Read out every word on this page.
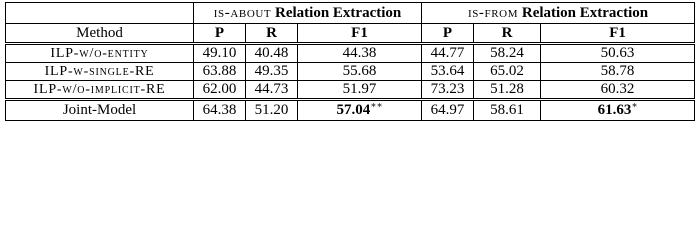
	is-about Relation Extraction			is-from Relation Extraction		
Method	P	R	F1	P	R	F1
ILP-w/o-entity	49.10	40.48	44.38	44.77	58.24	50.63
ILP-w-single-RE	63.88	49.35	55.68	53.64	65.02	58.78
ILP-w/o-implicit-RE	62.00	44.73	51.97	73.23	51.28	60.32
Joint-Model	64.38	51.20	57.04∗∗	64.97	58.61	61.63∗
